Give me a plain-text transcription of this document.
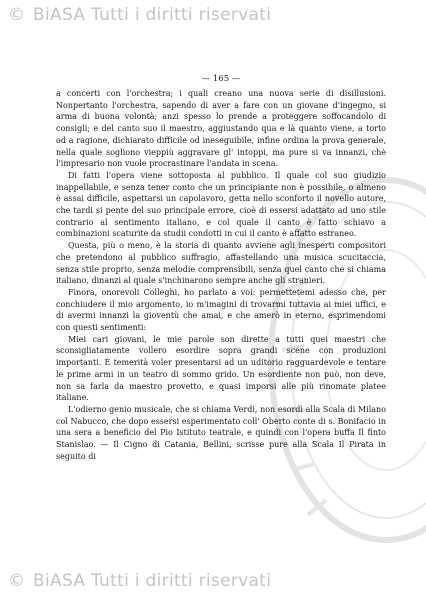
© BiASA Tutti i diritti riservati
— 165 —

a concerti con l'orchestra; i quali creano una nuova serie di disillusioni. Nonpertanto l'orchestra, sapendo di aver a fare con un giovane d'ingegno, si arma di buona volontà; anzi spesso lo prende a proteggere soffocandolo di consigli; e del canto suo il maestro, aggiustando qua e là quanto viene, a torto od a ragione, dichiarato difficile od ineseguibile, infine ordina la prova generale, nella quale sogliono vieppiù aggravare gl' intoppi, ma pure si va innanzi, chè l'impresario non vuole procrastinare l'andata in scena.

Di fatti l'opera viene sottoposta al pubblico. Il quale col suo giudizio inappellabile, e senza tener conto che un principiante non è possibile, o almeno è assai difficile, aspettarsi un capolavoro, getta nello sconforto il novello autore, che tardi si pente del suo principale errore, cioè di essersi adattato ad uno stile contrario al sentimento italiano, e col quale il canto è fatto schiavo a combinazioni scaturite da studii condotti in cui il canto è affatto estraneo.

Questa, più o meno, è la storia di quanto avviene agli inesperti compositori che pretendono al pubblico suffragio, affastellando una musica scucitaccia, senza stile proprio, senza melodie comprensibili, senza quel canto che si chiama italiano, dinanzi al quale s'inchinarono sempre anche gli stranieri.

Finora, onorevoli Colleghi, ho parlato a voi: permettetemi adesso che, per conchiudere il mio argomento, io m'imagini di trovarmi tuttavia ai miei uffici, e di avermi innanzi la gioventù che amai, e che amerò in eterno, esprimendomi con questi sentimenti:

Miei cari giovani, le mie parole son dirette a tutti quei maestri che sconsigliatamente vollero esordire sopra grandi scene con produzioni importanti. È temerità voler presentarsi ad un uditorio ragguardevole e tentare le prime armi in un teatro di sommo grido. Un esordiente non può, non deve, non sa farla da maestro provetto, e quasi imporsi alle più rinomate platee italiane.

L'odierno genio musicale, che si chiama Verdi, non esordì alla Scala di Milano col Nabucco, che dopo essersi esperimentato coll' Oberto conte di s. Bonifacio in una sera a beneficio del Pio Istituto teatrale, e quindi con l'opera buffa Il finto Stanislao. — Il Cigno di Catania, Bellini, scrisse pure alla Scala Il Pirata in seguito di

© BiASA Tutti i diritti riservati
